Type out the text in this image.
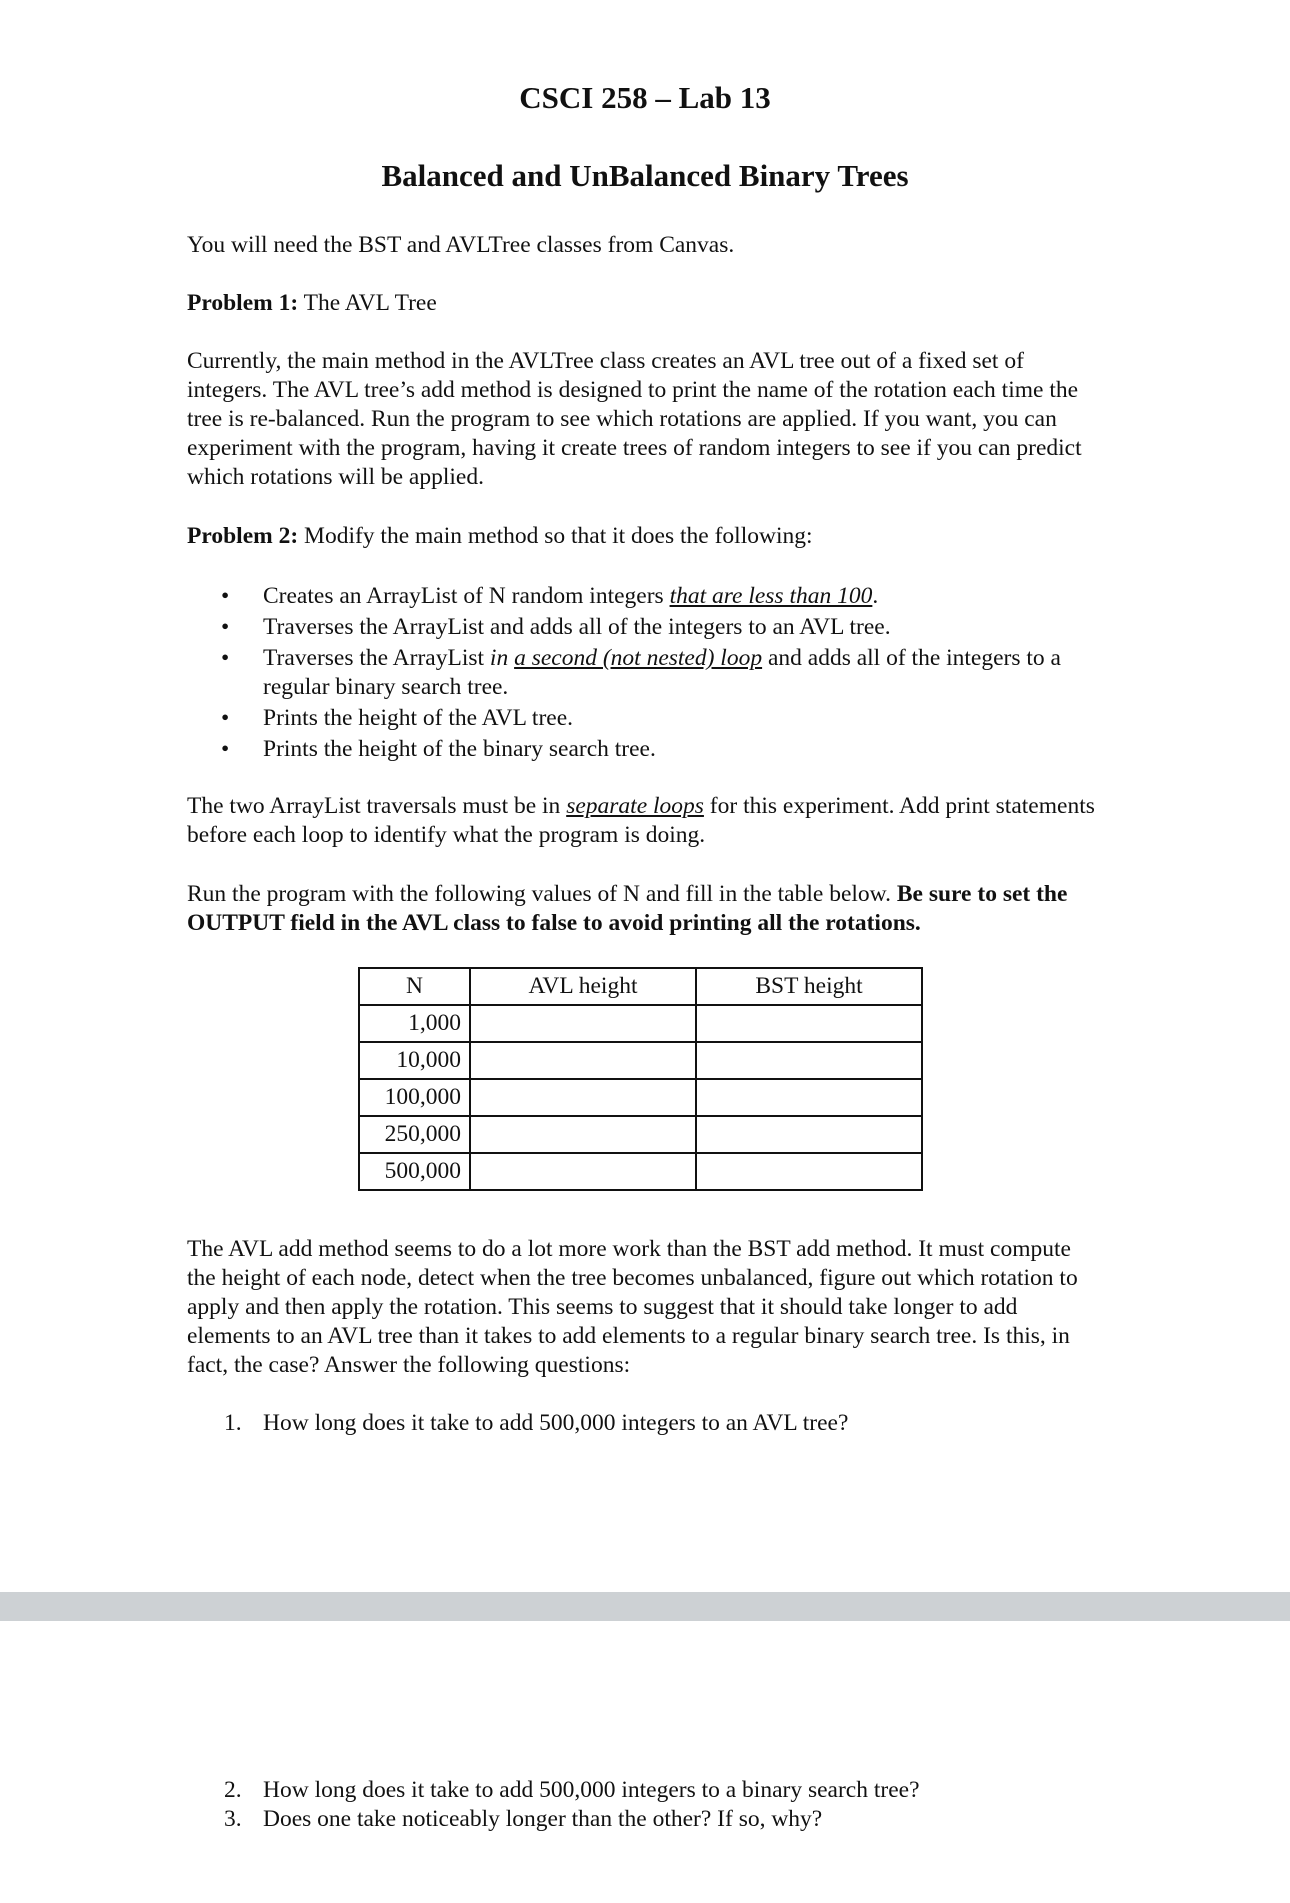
CSCI 258 – Lab 13
Balanced and UnBalanced Binary Trees

You will need the BST and AVLTree classes from Canvas.

Problem 1: The AVL Tree

Currently, the main method in the AVLTree class creates an AVL tree out of a fixed set of integers. The AVL tree’s add method is designed to print the name of the rotation each time the tree is re-balanced. Run the program to see which rotations are applied. If you want, you can experiment with the program, having it create trees of random integers to see if you can predict which rotations will be applied.

Problem 2: Modify the main method so that it does the following:

• Creates an ArrayList of N random integers that are less than 100.
• Traverses the ArrayList and adds all of the integers to an AVL tree.
• Traverses the ArrayList in a second (not nested) loop and adds all of the integers to a regular binary search tree.
• Prints the height of the AVL tree.
• Prints the height of the binary search tree.

The two ArrayList traversals must be in separate loops for this experiment. Add print statements before each loop to identify what the program is doing.

Run the program with the following values of N and fill in the table below. Be sure to set the OUTPUT field in the AVL class to false to avoid printing all the rotations.

N	AVL height	BST height
1,000		
10,000		
100,000		
250,000		
500,000		

The AVL add method seems to do a lot more work than the BST add method. It must compute the height of each node, detect when the tree becomes unbalanced, figure out which rotation to apply and then apply the rotation. This seems to suggest that it should take longer to add elements to an AVL tree than it takes to add elements to a regular binary search tree. Is this, in fact, the case? Answer the following questions:

1. How long does it take to add 500,000 integers to an AVL tree?
2. How long does it take to add 500,000 integers to a binary search tree?
3. Does one take noticeably longer than the other? If so, why?
